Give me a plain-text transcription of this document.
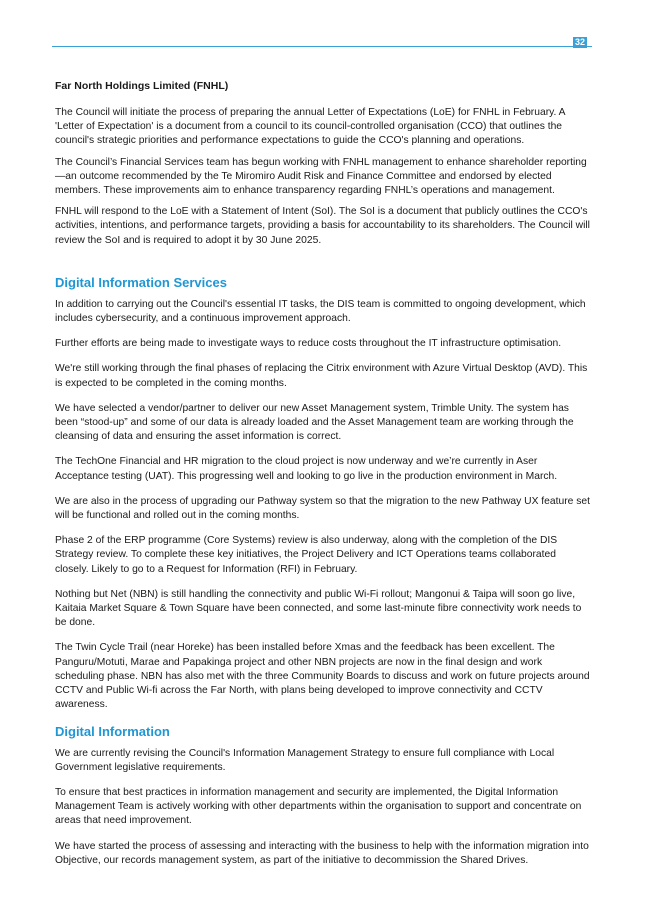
32
Far North Holdings Limited (FNHL)

The Council will initiate the process of preparing the annual Letter of Expectations (LoE) for FNHL in February. A 'Letter of Expectation' is a document from a council to its council-controlled organisation (CCO) that outlines the council's strategic priorities and performance expectations to guide the CCO's planning and operations.

The Council’s Financial Services team has begun working with FNHL management to enhance shareholder reporting—an outcome recommended by the Te Miromiro Audit Risk and Finance Committee and endorsed by elected members. These improvements aim to enhance transparency regarding FNHL’s operations and management.

FNHL will respond to the LoE with a Statement of Intent (SoI). The SoI is a document that publicly outlines the CCO's activities, intentions, and performance targets, providing a basis for accountability to its shareholders. The Council will review the SoI and is required to adopt it by 30 June 2025.

Digital Information Services

In addition to carrying out the Council's essential IT tasks, the DIS team is committed to ongoing development, which includes cybersecurity, and a continuous improvement approach.

Further efforts are being made to investigate ways to reduce costs throughout the IT infrastructure optimisation.

We're still working through the final phases of replacing the Citrix environment with Azure Virtual Desktop (AVD). This is expected to be completed in the coming months.

We have selected a vendor/partner to deliver our new Asset Management system, Trimble Unity. The system has been “stood-up” and some of our data is already loaded and the Asset Management team are working through the cleansing of data and ensuring the asset information is correct.

The TechOne Financial and HR migration to the cloud project is now underway and we’re currently in Aser Acceptance testing (UAT). This progressing well and looking to go live in the production environment in March.

We are also in the process of upgrading our Pathway system so that the migration to the new Pathway UX feature set will be functional and rolled out in the coming months.

Phase 2 of the ERP programme (Core Systems) review is also underway, along with the completion of the DIS Strategy review. To complete these key initiatives, the Project Delivery and ICT Operations teams collaborated closely. Likely to go to a Request for Information (RFI) in February.

Nothing but Net (NBN) is still handling the connectivity and public Wi-Fi rollout; Mangonui & Taipa will soon go live, Kaitaia Market Square & Town Square have been connected, and some last-minute fibre connectivity work needs to be done.

The Twin Cycle Trail (near Horeke) has been installed before Xmas and the feedback has been excellent. The Panguru/Motuti, Marae and Papakinga project and other NBN projects are now in the final design and work scheduling phase. NBN has also met with the three Community Boards to discuss and work on future projects around CCTV and Public Wi-fi across the Far North, with plans being developed to improve connectivity and CCTV awareness.

Digital Information

We are currently revising the Council's Information Management Strategy to ensure full compliance with Local Government legislative requirements.

To ensure that best practices in information management and security are implemented, the Digital Information Management Team is actively working with other departments within the organisation to support and concentrate on areas that need improvement.

We have started the process of assessing and interacting with the business to help with the information migration into Objective, our records management system, as part of the initiative to decommission the Shared Drives.
